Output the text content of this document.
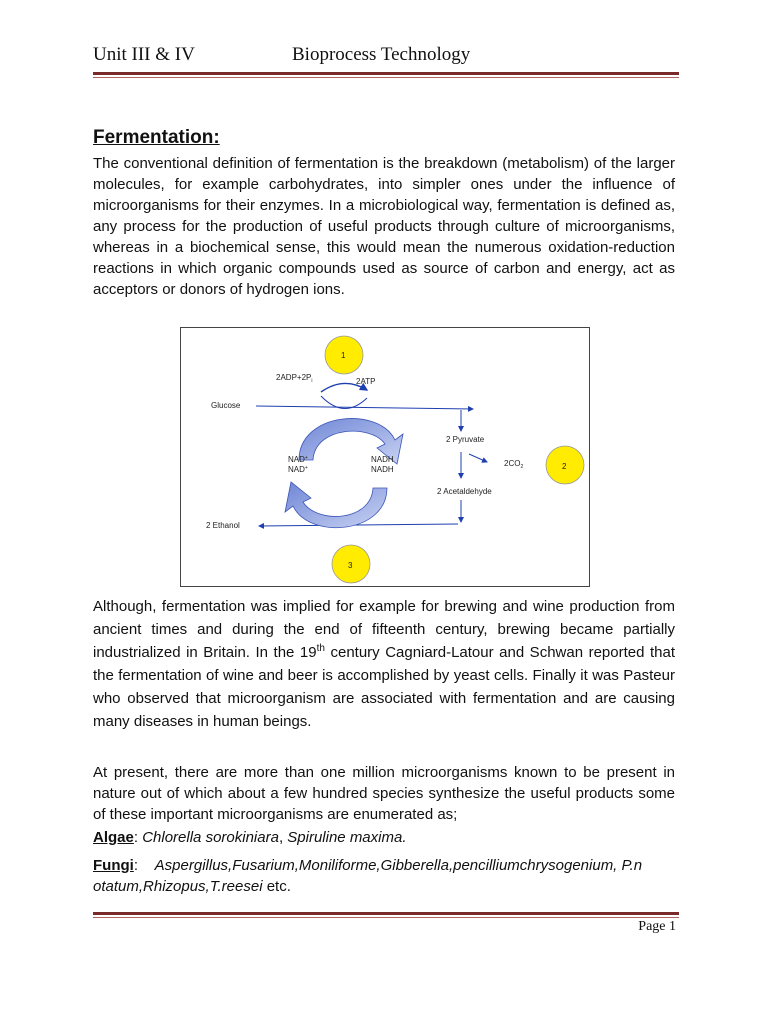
Unit III & IV	Bioprocess Technology
Fermentation:
The conventional definition of fermentation is the breakdown (metabolism) of the larger molecules, for example carbohydrates, into simpler ones under the influence of microorganisms for their enzymes. In a microbiological way, fermentation is defined as, any process for the production of useful products through culture of microorganisms, whereas in a biochemical sense, this would mean the numerous oxidation-reduction reactions in which organic compounds used as source of carbon and energy, act as acceptors or donors of hydrogen ions.
1
2
3
$2ADP+2P_i$	2ATP
Glucose
2 Pyruvate
$2CO_2$
2 Acetaldehyde
2 Ethanol
NAD+
NAD+
NADH
NADH
Although, fermentation was implied for example for brewing and wine production from ancient times and during the end of fifteenth century, brewing became partially industrialized in Britain. In the 19th century Cagniard-Latour and Schwan reported that the fermentation of wine and beer is accomplished by yeast cells. Finally it was Pasteur who observed that microorganism are associated with fermentation and are causing many diseases in human beings.
At present, there are more than one million microorganisms known to be present in nature out of which about a few hundred species synthesize the useful products some of these important microorganisms are enumerated as;
Algae: Chlorella sorokiniara, Spiruline maxima.
Fungi:    Aspergillus,Fusarium,Moniliforme,Gibberella,pencilliumchrysogenium, P.n otatum,Rhizopus,T.reesei etc.
Page 1
